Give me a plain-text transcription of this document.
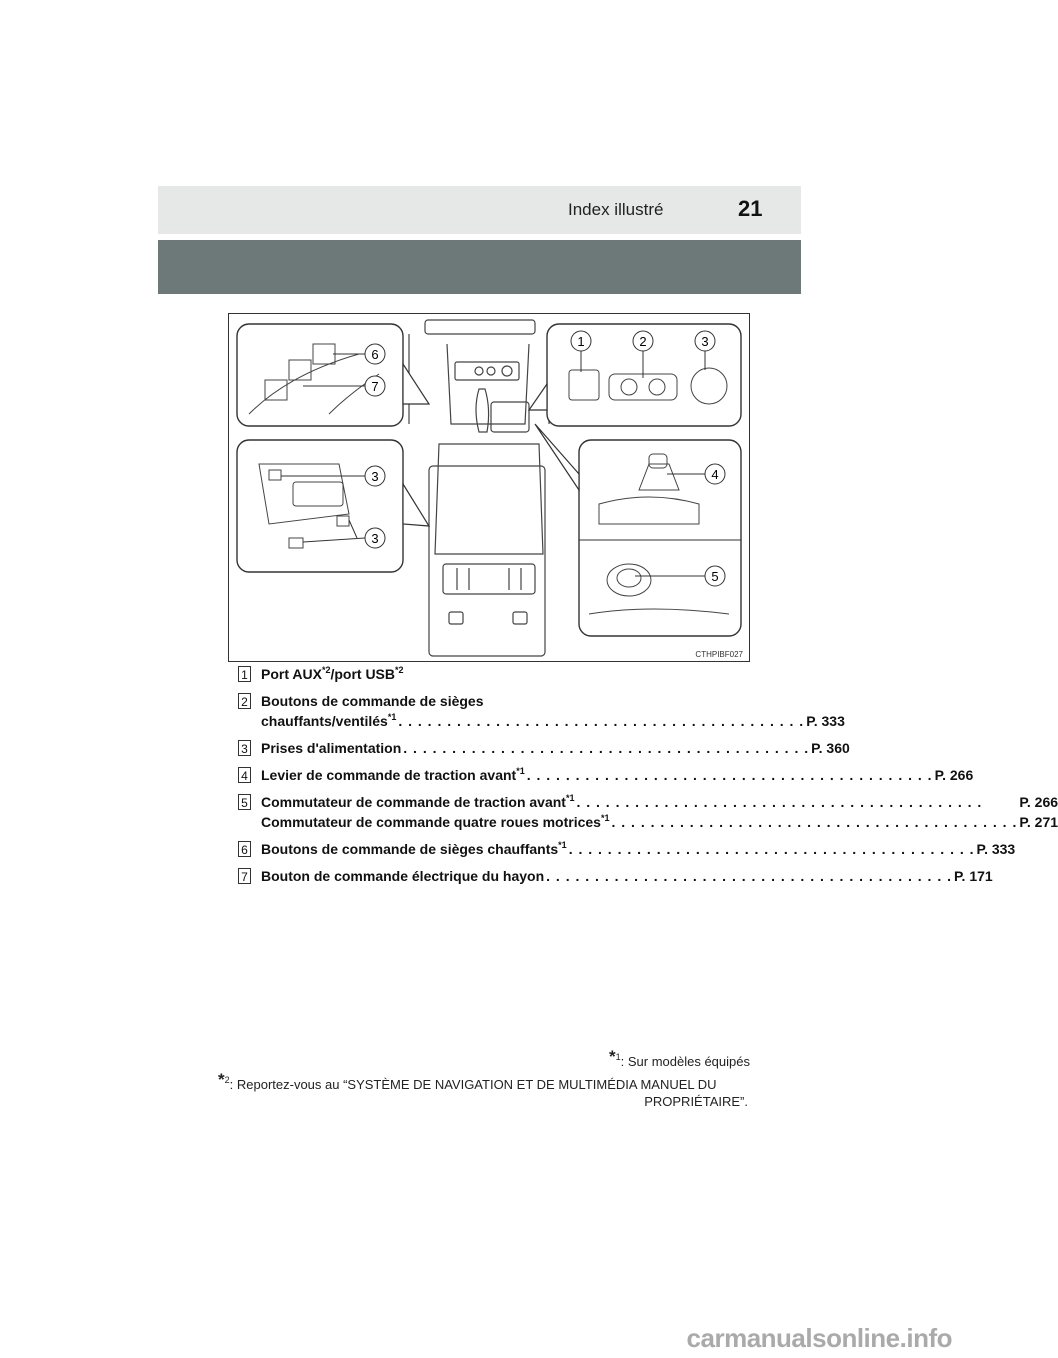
Index illustré	21
6
7
3
3
1	2	3
4
5
CTHPIBF027
1 Port AUX$^{*2}$/port USB$^{*2}$
2 Boutons de commande de sièges
chauffants/ventilés$^{*1}$ . . . . . . . . . . . . . . . . . . . . . . . . . . . . . . . . . . . . . . . . . . P. 333
3 Prises d'alimentation . . . . . . . . . . . . . . . . . . . . . . . . . . . . . . . . . . . . . . . . . . P. 360
4 Levier de commande de traction avant$^{*1}$ . . . . . . . . . . . . . . . . . . . . . . . . . . . . . . . . . . . . . . . . . . P. 266
5 Commutateur de commande de traction avant$^{*1}$ . . . . . . . . . . . . . . . . . . . . . . . . . . . . . . . . . . . . . . . . . .	P. 266
Commutateur de commande quatre roues motrices$^{*1}$ . . . . . . . . . . . . . . . . . . . . . . . . . . . . . . . . . . . . . . . . . . P. 271
6 Boutons de commande de sièges chauffants$^{*1}$ . . . . . . . . . . . . . . . . . . . . . . . . . . . . . . . . . . . . . . . . . . P. 333
7 Bouton de commande électrique du hayon . . . . . . . . . . . . . . . . . . . . . . . . . . . . . . . . . . . . . . . . . . P. 171
*$^1$: Sur modèles équipés
*$^2$: Reportez-vous au “SYSTÈME DE NAVIGATION ET DE MULTIMÉDIA MANUEL DU
PROPRIÉTAIRE”.
carmanualsonline.info
